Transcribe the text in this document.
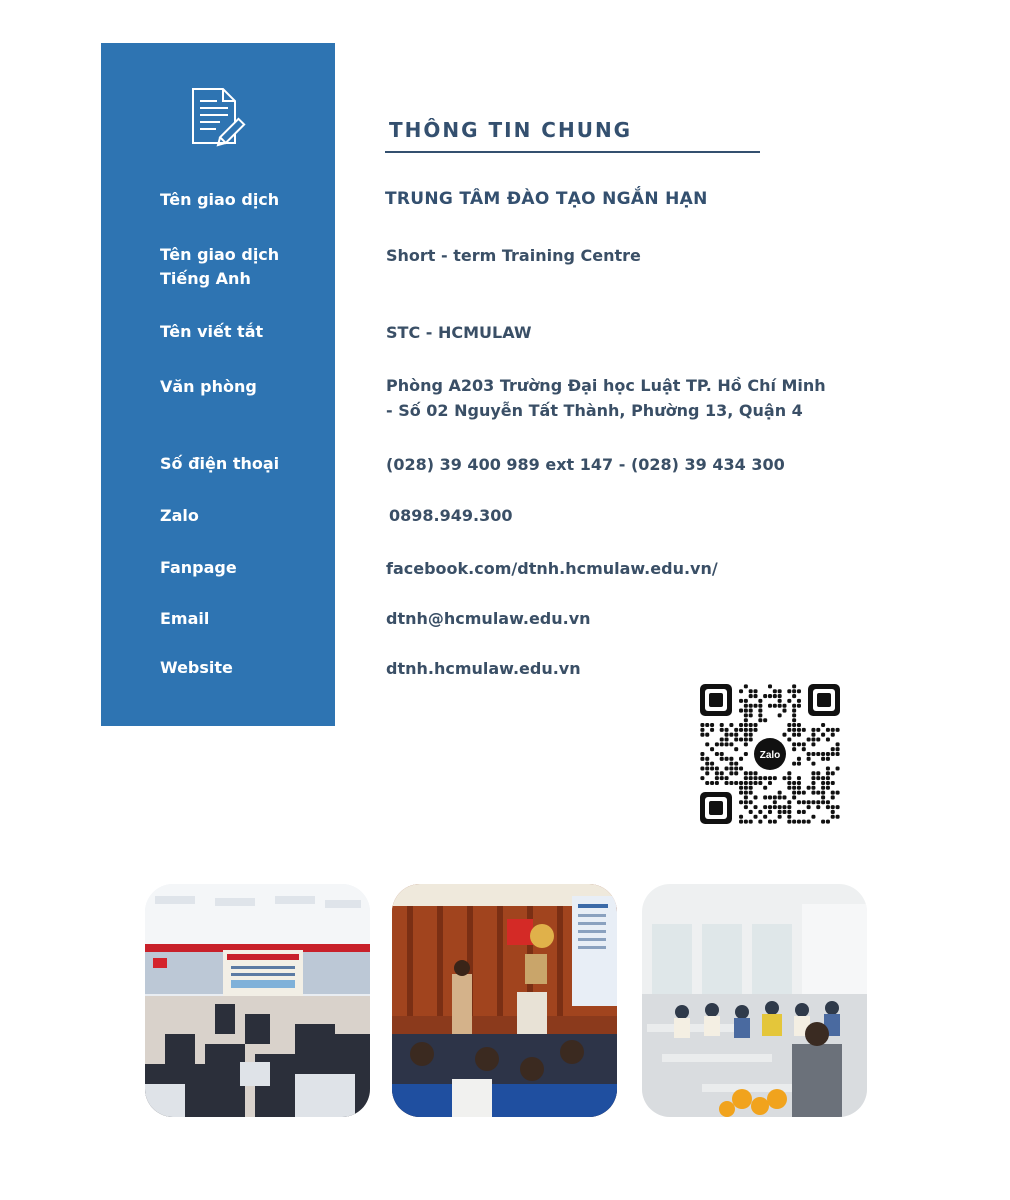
THÔNG TIN CHUNG
Tên giao dịch
Tên giao dịch
Tiếng Anh
Tên viết tắt
Văn phòng
Số điện thoại
Zalo
Fanpage
Email
Website
TRUNG TÂM ĐÀO TẠO NGẮN HẠN
Short - term Training Centre
STC - HCMULAW
Phòng A203 Trường Đại học Luật TP. Hồ Chí Minh
- Số 02 Nguyễn Tất Thành, Phường 13, Quận 4
(028) 39 400 989 ext 147 - (028) 39 434 300
0898.949.300
facebook.com/dtnh.hcmulaw.edu.vn/
dtnh@hcmulaw.edu.vn
dtnh.hcmulaw.edu.vn
Zalo
